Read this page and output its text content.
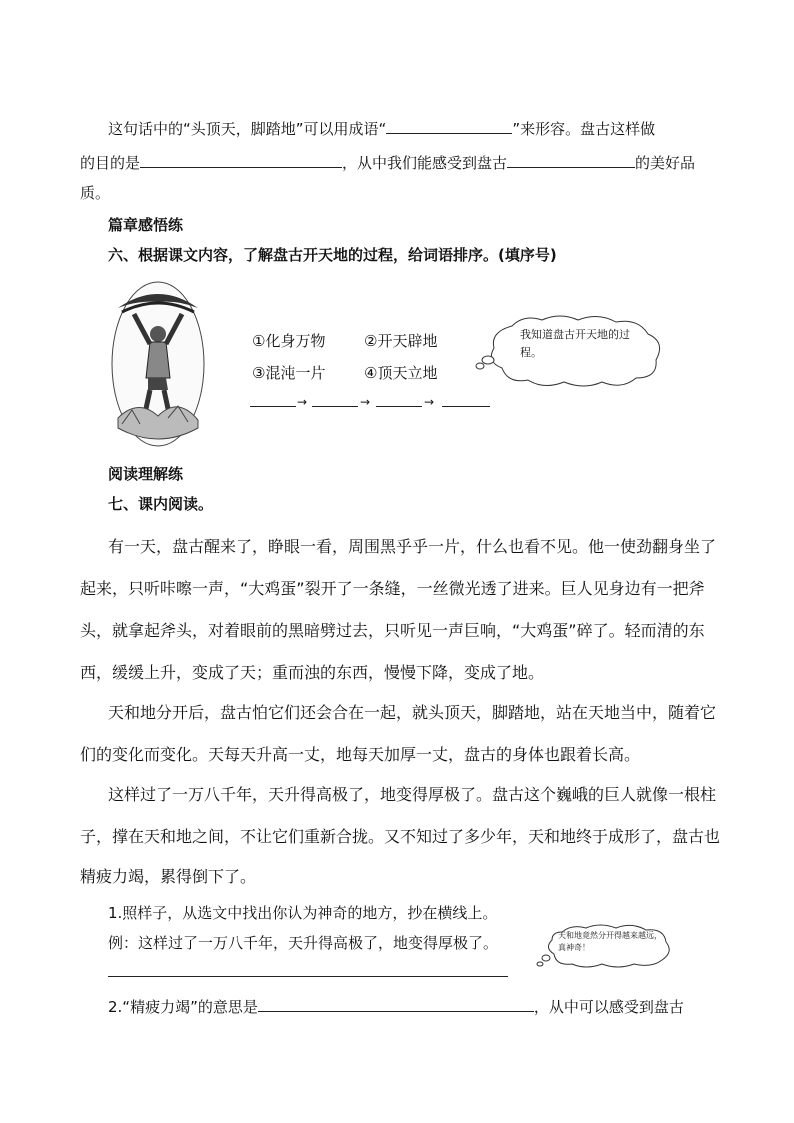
这句话中的“头顶天，脚踏地”可以用成语“	”来形容。盘古这样做
的目的是	，从中我们能感受到盘古	的美好品
质。
篇章感悟练
六、根据课文内容，了解盘古开天地的过程，给词语排序。(填序号)
①化身万物	②开天辟地
③混沌一片	④顶天立地
→	→	→
我知道盘古开天地的过程。
阅读理解练
七、课内阅读。
有一天，盘古醒来了，睁眼一看，周围黑乎乎一片，什么也看不见。他一使劲翻身坐了
起来，只听咔嚓一声，“大鸡蛋”裂开了一条缝，一丝微光透了进来。巨人见身边有一把斧
头，就拿起斧头，对着眼前的黑暗劈过去，只听见一声巨响，“大鸡蛋”碎了。轻而清的东
西，缓缓上升，变成了天；重而浊的东西，慢慢下降，变成了地。
天和地分开后，盘古怕它们还会合在一起，就头顶天，脚踏地，站在天地当中，随着它
们的变化而变化。天每天升高一丈，地每天加厚一丈，盘古的身体也跟着长高。
这样过了一万八千年，天升得高极了，地变得厚极了。盘古这个巍峨的巨人就像一根柱
子，撑在天和地之间，不让它们重新合拢。又不知过了多少年，天和地终于成形了，盘古也
精疲力竭，累得倒下了。
1.照样子，从选文中找出你认为神奇的地方，抄在横线上。
例：这样过了一万八千年，天升得高极了，地变得厚极了。	天和地竟然分开得越来越远，真神奇！
2.“精疲力竭”的意思是	，从中可以感受到盘古
